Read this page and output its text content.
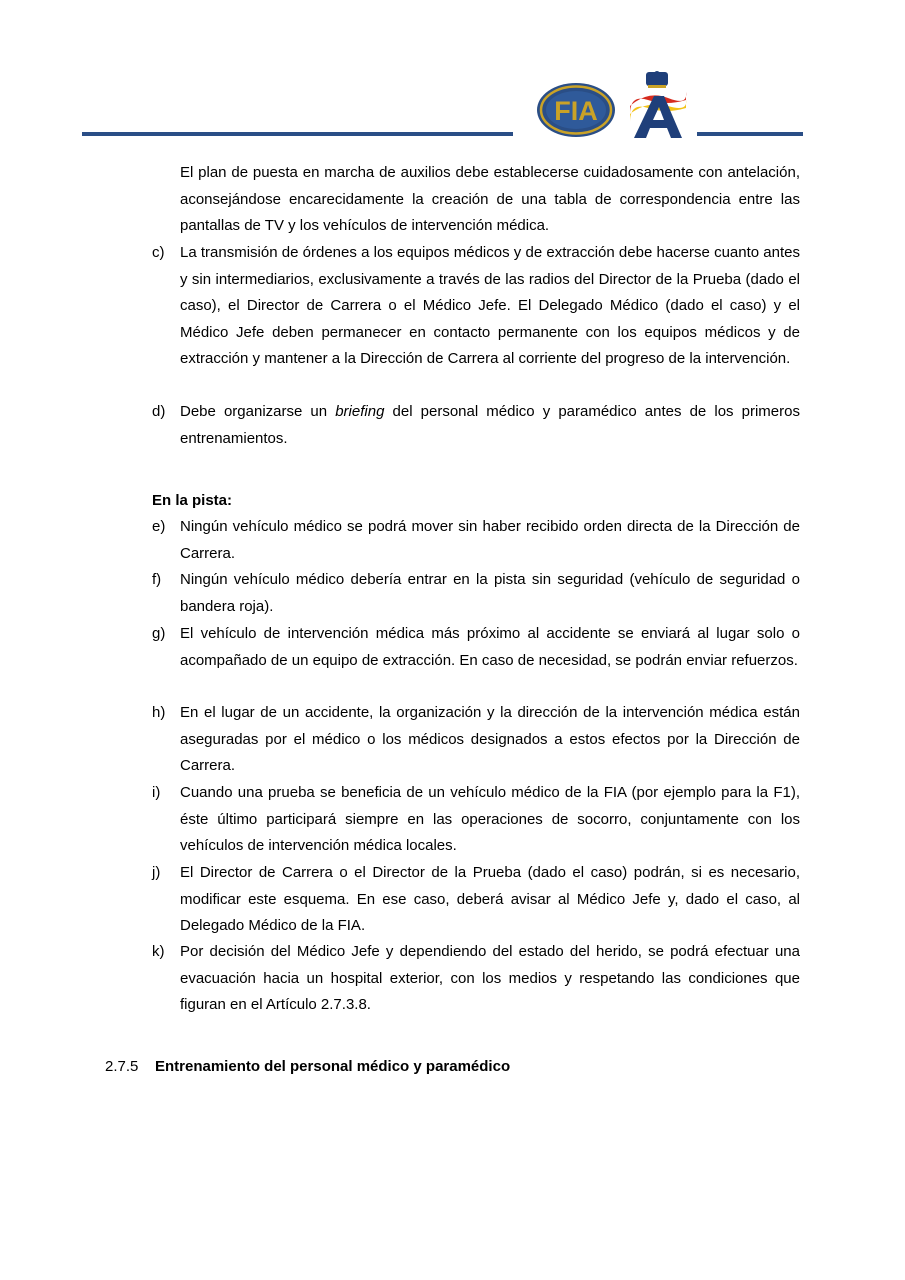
FIA
El plan de puesta en marcha de auxilios debe establecerse cuidadosamente con antelación, aconsejándose encarecidamente la creación de una tabla de correspondencia entre las pantallas de TV y los vehículos de intervención médica.
c)	La transmisión de órdenes a los equipos médicos y de extracción debe hacerse cuanto antes y sin intermediarios, exclusivamente a través de las radios del Director de la Prueba (dado el caso), el Director de Carrera o el Médico Jefe. El Delegado Médico (dado el caso) y el Médico Jefe deben permanecer en contacto permanente con los equipos médicos y de extracción y mantener a la Dirección de Carrera al corriente del progreso de la intervención.
d) Debe organizarse un briefing del personal médico y paramédico antes de los primeros entrenamientos.
En la pista:
e) Ningún vehículo médico se podrá mover sin haber recibido orden directa de la Dirección de Carrera.
f)	Ningún vehículo médico debería entrar en la pista sin seguridad (vehículo de seguridad o bandera roja).
g) El vehículo de intervención médica más próximo al accidente se enviará al lugar solo o acompañado de un equipo de extracción. En caso de necesidad, se podrán enviar refuerzos.
h) En el lugar de un accidente, la organización y la dirección de la intervención médica están aseguradas por el médico o los médicos designados a estos efectos por la Dirección de Carrera.
i)	Cuando una prueba se beneficia de un vehículo médico de la FIA (por ejemplo para la F1), éste último participará siempre en las operaciones de socorro, conjuntamente con los vehículos de intervención médica locales.
j)	El Director de Carrera o el Director de la Prueba (dado el caso) podrán, si es necesario, modificar este esquema. En ese caso, deberá avisar al Médico Jefe y, dado el caso, al Delegado Médico de la FIA.
k)	Por decisión del Médico Jefe y dependiendo del estado del herido, se podrá efectuar una evacuación hacia un hospital exterior, con los medios y respetando las condiciones que figuran en el Artículo 2.7.3.8.
2.7.5 Entrenamiento del personal médico y paramédico
